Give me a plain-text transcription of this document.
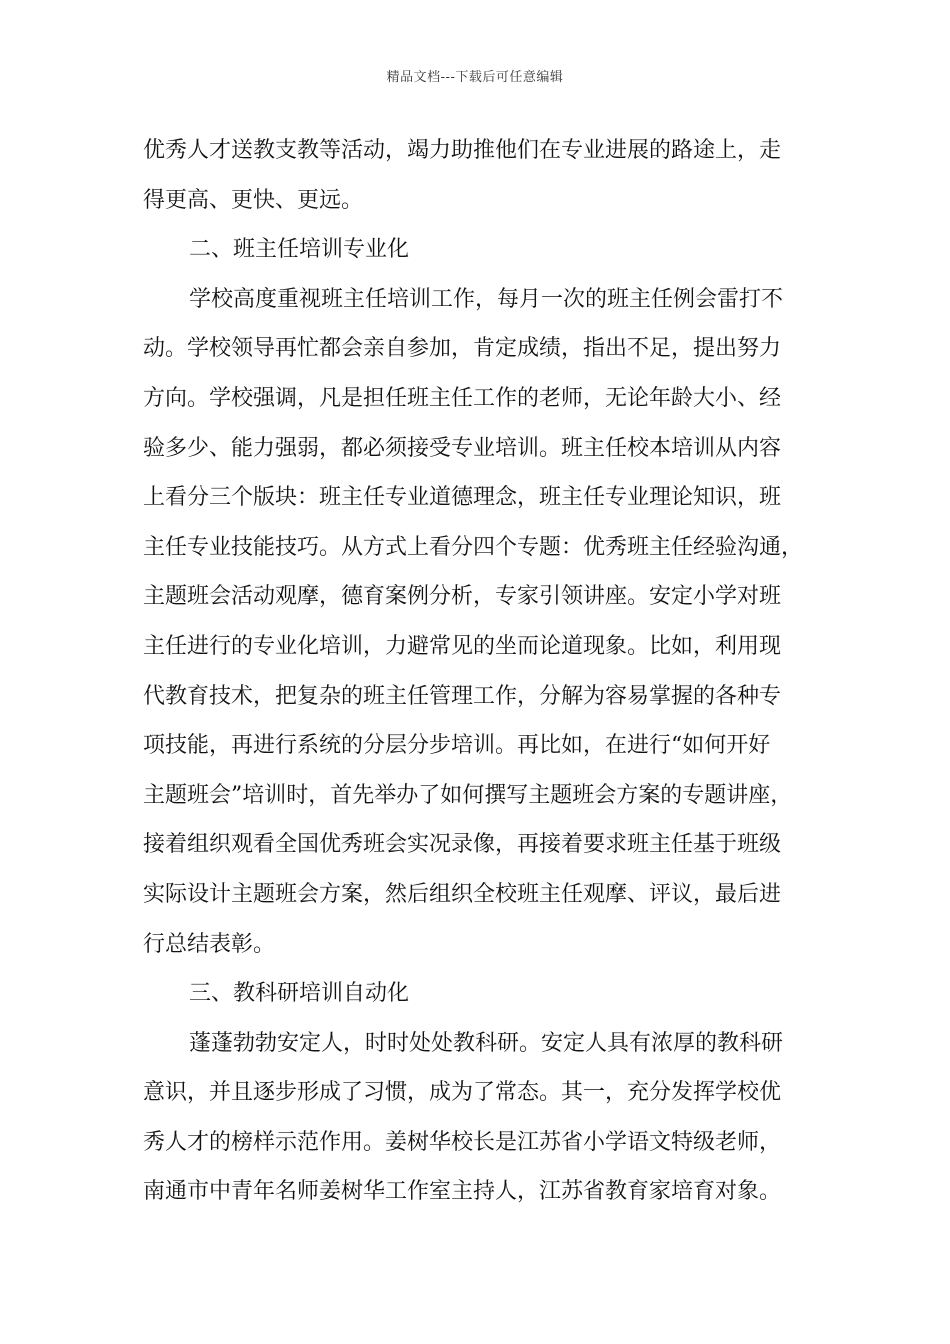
精品文档---下载后可任意编辑
优秀人才送教支教等活动，竭力助推他们在专业进展的路途上，走
得更高、更快、更远。
二、班主任培训专业化
学校高度重视班主任培训工作，每月一次的班主任例会雷打不
动。学校领导再忙都会亲自参加，肯定成绩，指出不足，提出努力
方向。学校强调，凡是担任班主任工作的老师，无论年龄大小、经
验多少、能力强弱，都必须接受专业培训。班主任校本培训从内容
上看分三个版块：班主任专业道德理念，班主任专业理论知识，班
主任专业技能技巧。从方式上看分四个专题：优秀班主任经验沟通，
主题班会活动观摩，德育案例分析，专家引领讲座。安定小学对班
主任进行的专业化培训，力避常见的坐而论道现象。比如，利用现
代教育技术，把复杂的班主任管理工作，分解为容易掌握的各种专
项技能，再进行系统的分层分步培训。再比如，在进行“如何开好
主题班会”培训时，首先举办了如何撰写主题班会方案的专题讲座，
接着组织观看全国优秀班会实况录像，再接着要求班主任基于班级
实际设计主题班会方案，然后组织全校班主任观摩、评议，最后进
行总结表彰。
三、教科研培训自动化
蓬蓬勃勃安定人，时时处处教科研。安定人具有浓厚的教科研
意识，并且逐步形成了习惯，成为了常态。其一，充分发挥学校优
秀人才的榜样示范作用。姜树华校长是江苏省小学语文特级老师，
南通市中青年名师姜树华工作室主持人，江苏省教育家培育对象。
